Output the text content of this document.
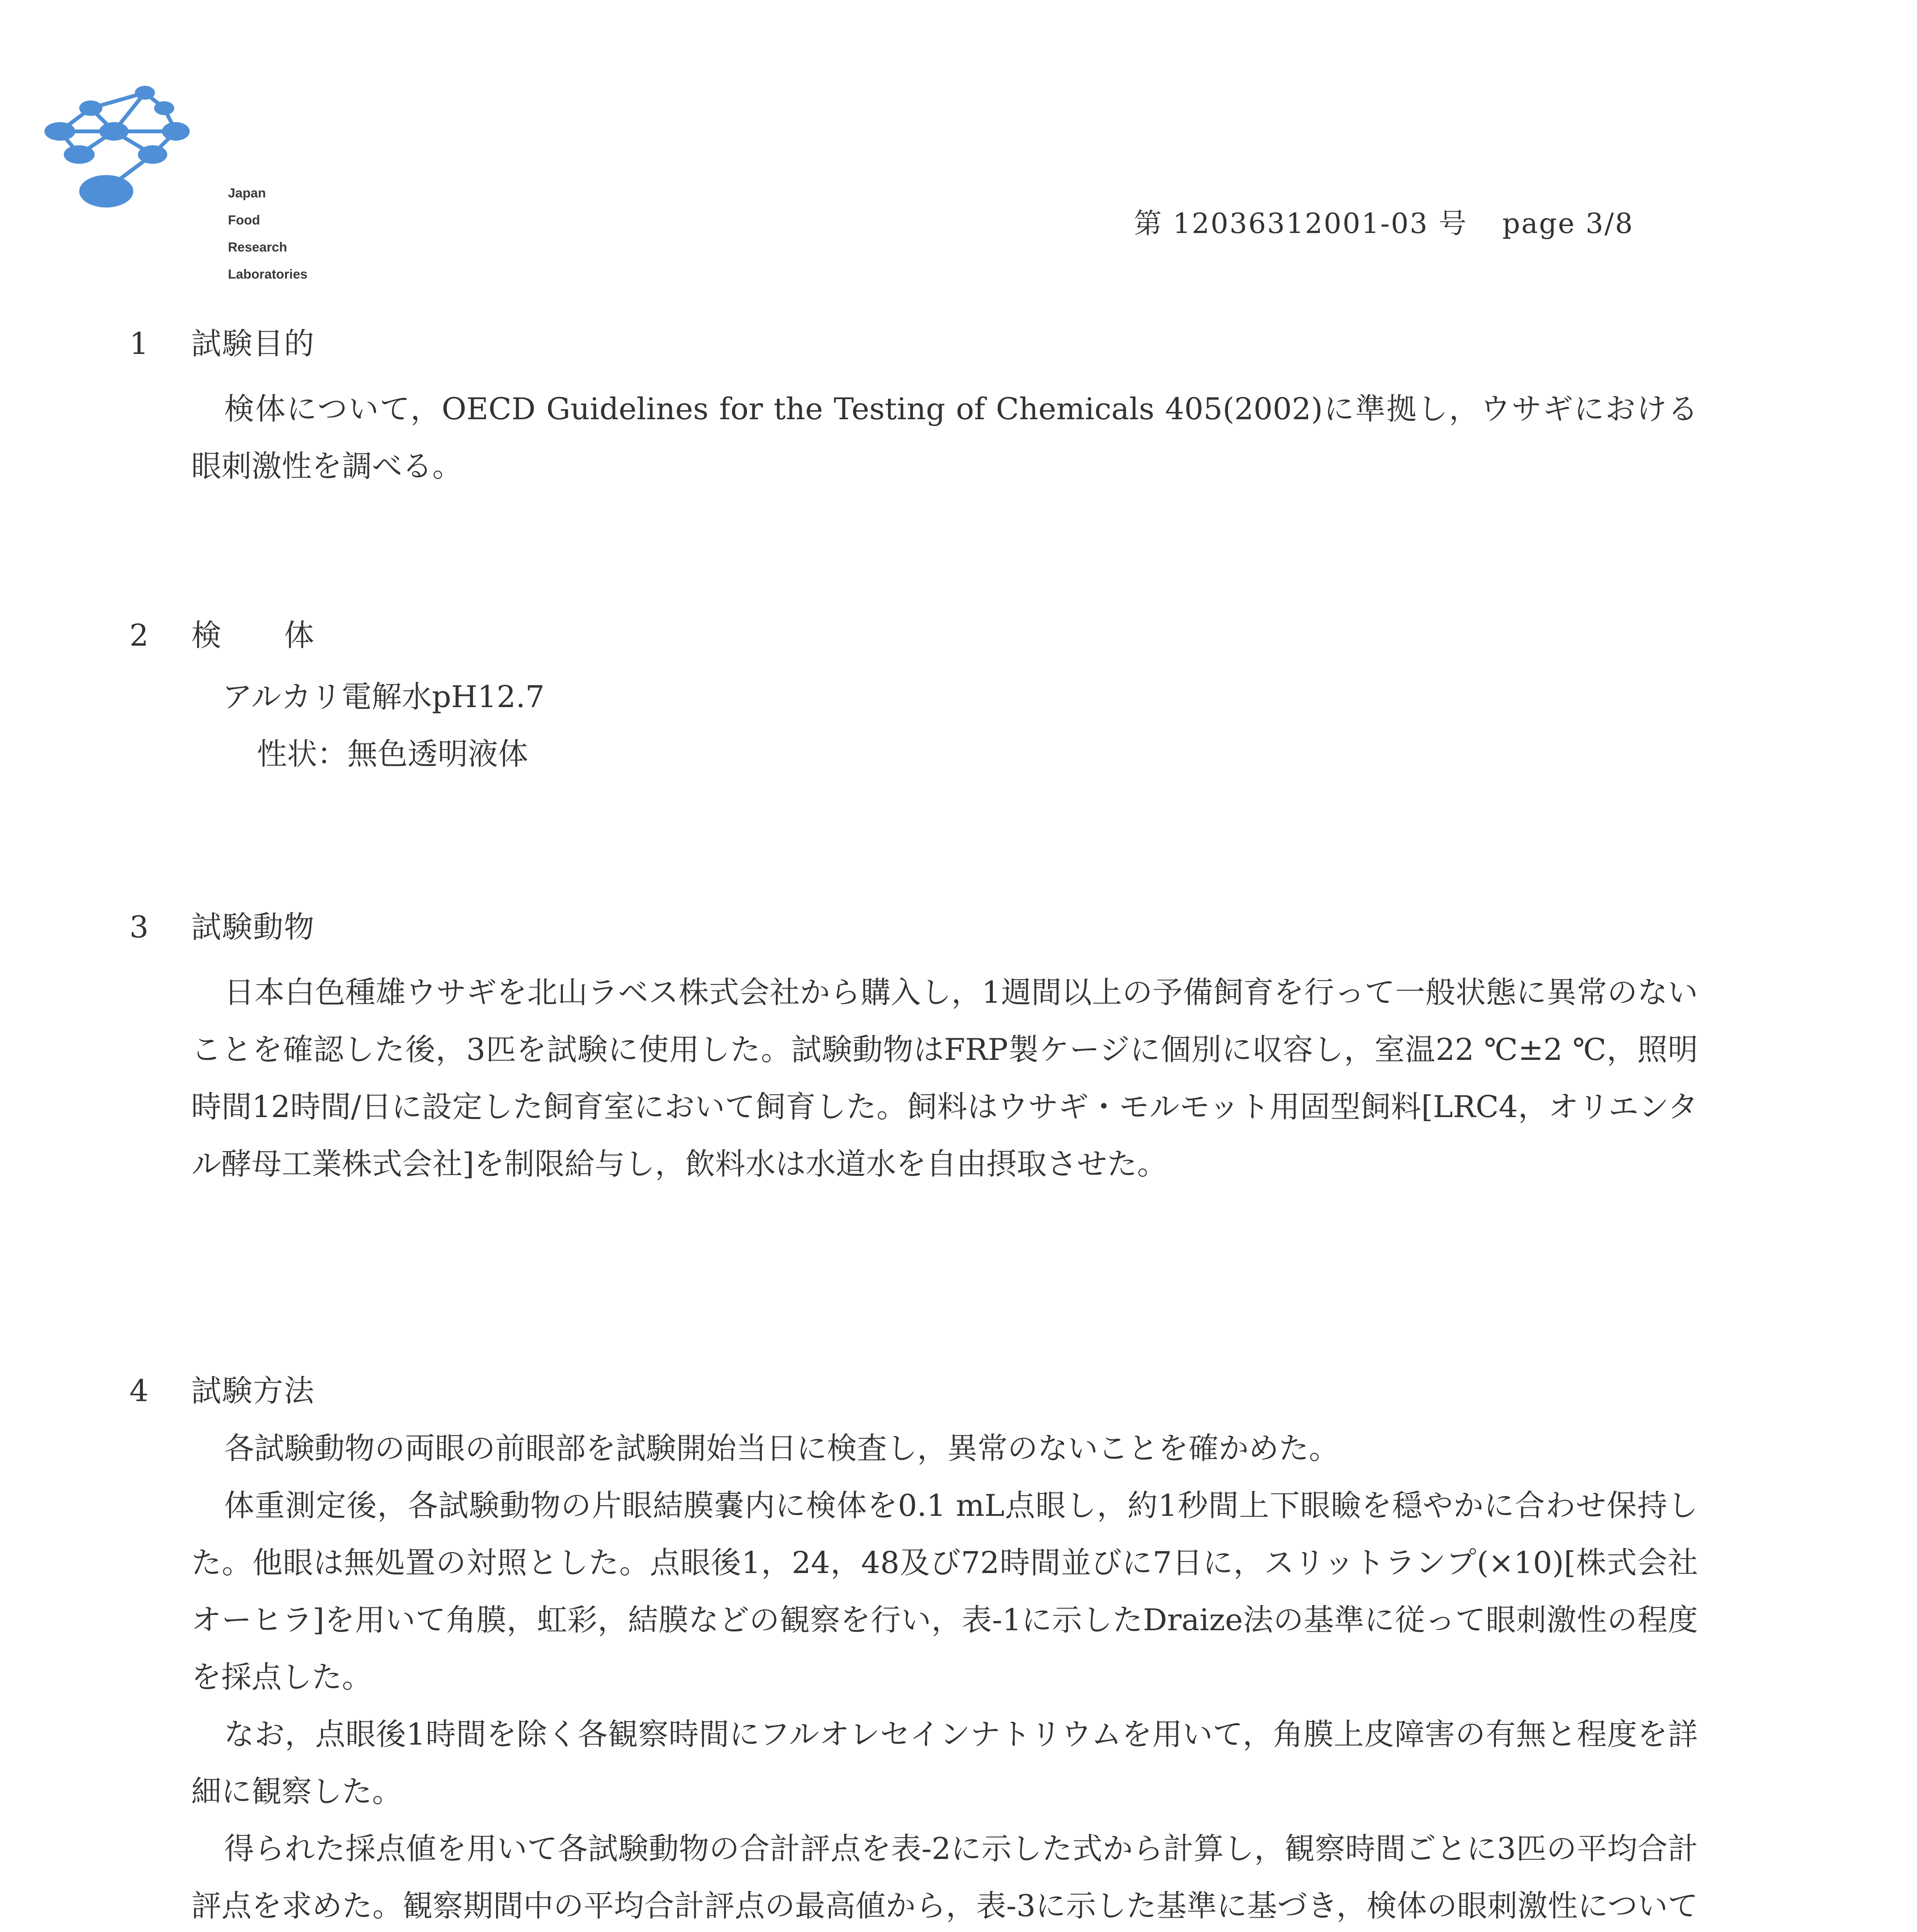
Japan
Food
Research
Laboratories
第 12036312001-03 号 page 3/8
1 試験目的

検体について，OECD Guidelines for the Testing of Chemicals 405(2002)に準拠し，ウサギにおける眼刺激性を調べる。

2 検　　体
アルカリ電解水pH12.7
性状：無色透明液体
3 試験動物

日本白色種雄ウサギを北山ラベス株式会社から購入し，1週間以上の予備飼育を行って一般状態に異常のないことを確認した後，3匹を試験に使用した。試験動物はFRP製ケージに個別に収容し，室温22 ℃±2 ℃，照明時間12時間/日に設定した飼育室において飼育した。飼料はウサギ・モルモット用固型飼料[LRC4，オリエンタル酵母工業株式会社]を制限給与し，飲料水は水道水を自由摂取させた。

4 試験方法

各試験動物の両眼の前眼部を試験開始当日に検査し，異常のないことを確かめた。

体重測定後，各試験動物の片眼結膜嚢内に検体を0.1 mL点眼し，約1秒間上下眼瞼を穏やかに合わせ保持した。他眼は無処置の対照とした。点眼後1，24，48及び72時間並びに7日に，スリットランプ(×10)[株式会社　オーヒラ]を用いて角膜，虹彩，結膜などの観察を行い，表-1に示したDraize法の基準に従って眼刺激性の程度を採点した。

なお，点眼後1時間を除く各観察時間にフルオレセインナトリウムを用いて，角膜上皮障害の有無と程度を詳細に観察した。

得られた採点値を用いて各試験動物の合計評点を表-2に示した式から計算し，観察時間ごとに3匹の平均合計評点を求めた。観察期間中の平均合計評点の最高値から，表-3に示した基準に基づき，検体の眼刺激性について
